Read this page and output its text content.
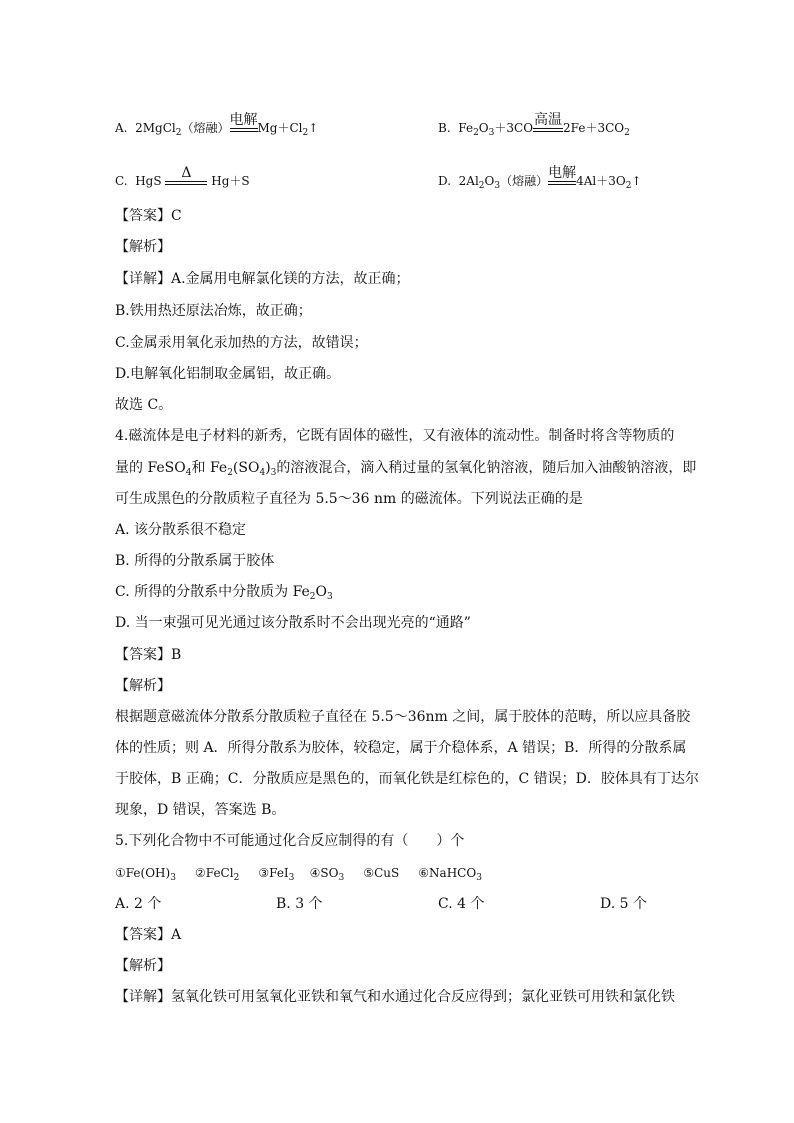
A. 2MgCl$_2$（熔融） 电解 $Mg+Cl_2↑$	B. $Fe_2O_3+3CO$ 高温 $2Fe+3CO_2$
C. HgS	Δ	Hg＋S	D. $2Al_2O_3$（熔融） 电解 $4Al+3O_2↑$
【答案】C
【解析】
【详解】A.金属用电解氯化镁的方法，故正确；
B.铁用热还原法冶炼，故正确；
C.金属汞用氧化汞加热的方法，故错误；
D.电解氧化铝制取金属铝，故正确。
故选 C。
4.磁流体是电子材料的新秀，它既有固体的磁性，又有液体的流动性。制备时将含等物质的
量的 FeSO$_4$和 $Fe_2(SO_4)_3$的溶液混合，滴入稍过量的氢氧化钠溶液，随后加入油酸钠溶液，即
可生成黑色的分散质粒子直径为 5.5～36 nm 的磁流体。下列说法正确的是
A. 该分散系很不稳定
B. 所得的分散系属于胶体
C. 所得的分散系中分散质为 $Fe_2O_3$
D. 当一束强可见光通过该分散系时不会出现光亮的“通路”
【答案】B
【解析】
根据题意磁流体分散系分散质粒子直径在 5.5～36nm 之间，属于胶体的范畴，所以应具备胶
体的性质；则 A．所得分散系为胶体，较稳定，属于介稳体系，A 错误；B．所得的分散系属
于胶体，B 正确；C．分散质应是黑色的，而氧化铁是红棕色的，C 错误；D．胶体具有丁达尔
现象，D 错误，答案选 B。
5.下列化合物中不可能通过化合反应制得的有（　　）个
$①Fe(OH)_3$ ②FeCl$_2$ ③FeI$_3$ $④SO_3$ ⑤CuS ⑥NaHCO$_3$
A. 2 个	B. 3 个	C. 4 个	D. 5 个
【答案】A
【解析】
【详解】氢氧化铁可用氢氧化亚铁和氧气和水通过化合反应得到；氯化亚铁可用铁和氯化铁
